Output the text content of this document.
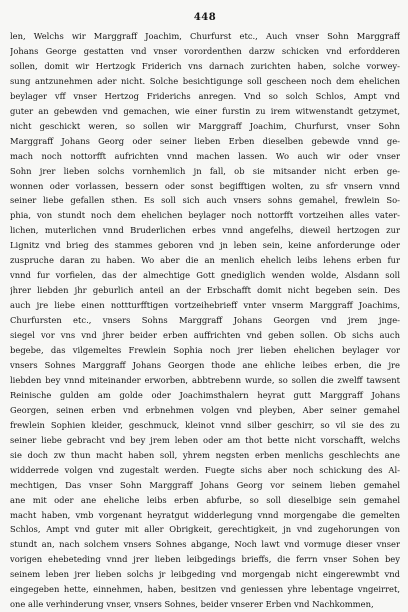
448
len, Welchs wir Marggraff Joachim, Churfurst etc., Auch vnser Sohn Marggraff
Johans George gestatten vnd vnser vorordenthen darzw schicken vnd erfordderen
sollen, domit wir Hertzogk Friderich vns darnach zurichten haben, solche vorwey-
sung antzunehmen ader nicht. Solche besichtigunge soll gescheen noch dem ehelichen
beylager vff vnser Hertzog Friderichs anregen. Vnd so solch Schlos, Ampt vnd
guter an gebewden vnd gemachen, wie einer furstin zu irem witwenstandt getzymet,
nicht geschickt weren, so sollen wir Marggraff Joachim, Churfurst, vnser Sohn
Marggraff Johans Georg oder seiner lieben Erben dieselben gebewde vnnd ge-
mach noch nottorfft aufrichten vnnd machen lassen. Wo auch wir oder vnser
Sohn jrer lieben solchs vornhemlich jn fall, ob sie mitsander nicht erben ge-
wonnen oder vorlassen, bessern oder sonst begifftigen wolten, zu sfr vnsern vnnd
seiner liebe gefallen sthen. Es soll sich auch vnsers sohns gemahel, frewlein So-
phia, von stundt noch dem ehelichen beylager noch nottorfft vortzeihen alles vater-
lichen, muterlichen vnnd Bruderlichen erbes vnnd angefelhs, dieweil hertzogen zur
Lignitz vnd brieg des stammes geboren vnd jn leben sein, keine anforderunge oder
zuspruche daran zu haben. Wo aber die an menlich ehelich leibs lehens erben fur
vnnd fur vorfielen, das der almechtige Gott gnediglich wenden wolde, Alsdann soll
jhrer liebden jhr geburlich anteil an der Erbschafft domit nicht begeben sein. Des
auch jre liebe einen nottturfftigen vortzeihebrieff vnter vnserm Marggraff Joachims,
Churfursten etc., vnsers Sohns Marggraff Johans Georgen vnd jrem jnge-
siegel vor vns vnd jhrer beider erben auffrichten vnd geben sollen. Ob sichs auch
begebe, das vilgemeltes Frewlein Sophia noch jrer lieben ehelichen beylager vor
vnsers Sohnes Marggraff Johans Georgen thode ane ehliche leibes erben, die jre
liebden bey vnnd miteinander erworben, abbtrebenn wurde, so sollen die zwelff tawsent
Reinische gulden am golde oder Joachimsthalern heyrat gutt Marggraff Johans
Georgen, seinen erben vnd erbnehmen volgen vnd pleyben, Aber seiner gemahel
frewlein Sophien kleider, geschmuck, kleinot vnnd silber geschirr, so vil sie des zu
seiner liebe gebracht vnd bey jrem leben oder am thot bette nicht vorschafft, welchs
sie doch zw thun macht haben soll, yhrem negsten erben menlichs geschlechts ane
widderrede volgen vnd zugestalt werden. Fuegte sichs aber noch schickung des Al-
mechtigen, Das vnser Sohn Marggraff Johans Georg vor seinem lieben gemahel
ane mit oder ane eheliche leibs erben abfurbe, so soll dieselbige sein gemahel
macht haben, vmb vorgenant heyratgut widderlegung vnnd morgengabe die gemelten
Schlos, Ampt vnd guter mit aller Obrigkeit, gerechtigkeit, jn vnd zugehorungen von
stundt an, nach solchem vnsers Sohnes abgange, Noch lawt vnd vormuge dieser vnser
vorigen ehebeteding vnnd jrer lieben leibgedings brieffs, die ferrn vnser Sohen bey
seinem leben jrer lieben solchs jr leibgeding vnd morgengab nicht eingerewmbt vnd
eingegeben hette, einnehmen, haben, besitzen vnd geniessen yhre lebentage vngeirret,
one alle verhinderung vnser, vnsers Sohnes, beider vnserer Erben vnd Nachkommen,
